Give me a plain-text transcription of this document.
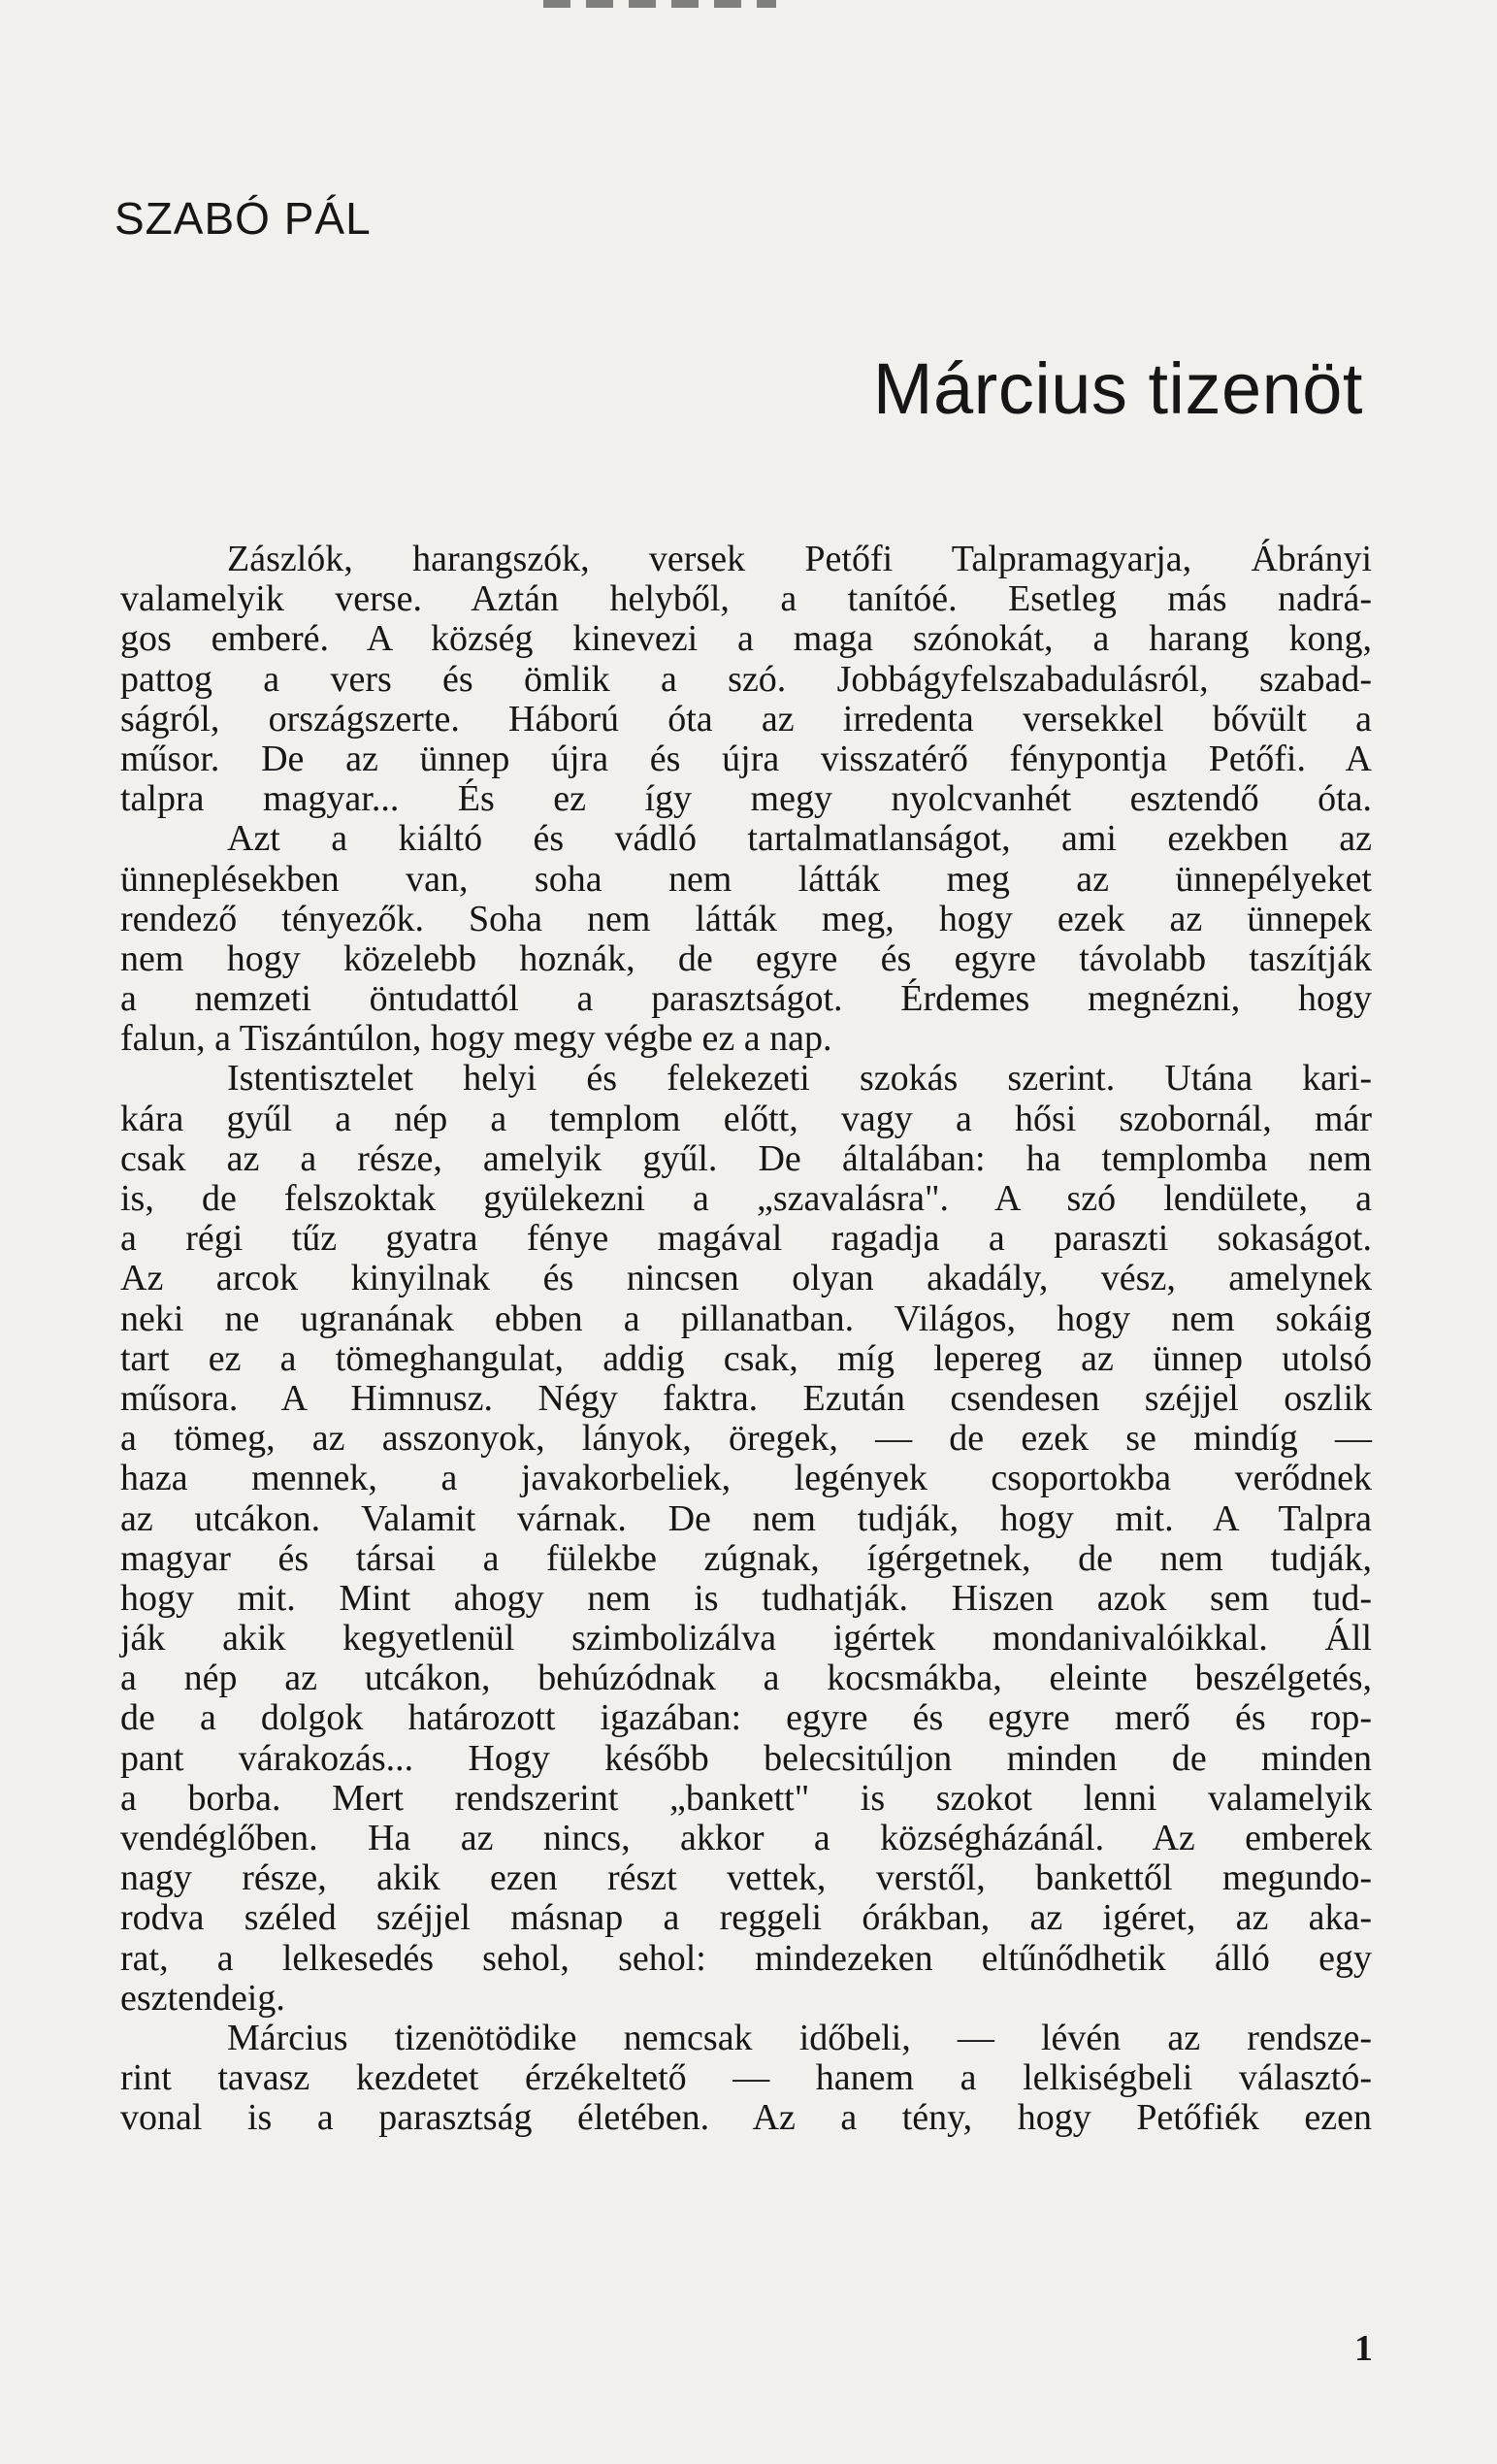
SZABÓ PÁL
Március tizenöt
Zászlók, harangszók, versek Petőfi Talpramagyarja, Ábrányi
valamelyik verse. Aztán helyből, a tanítóé. Esetleg más nadrá-
gos emberé. A község kinevezi a maga szónokát, a harang kong,
pattog a vers és ömlik a szó. Jobbágyfelszabadulásról, szabad-
ságról, országszerte. Háború óta az irredenta versekkel bővült a
műsor. De az ünnep újra és újra visszatérő fénypontja Petőfi. A
talpra magyar... És ez így megy nyolcvanhét esztendő óta.
Azt a kiáltó és vádló tartalmatlanságot, ami ezekben az
ünneplésekben van, soha nem látták meg az ünnepélyeket
rendező tényezők. Soha nem látták meg, hogy ezek az ünnepek
nem hogy közelebb hoznák, de egyre és egyre távolabb taszítják
a nemzeti öntudattól a parasztságot. Érdemes megnézni, hogy
falun, a Tiszántúlon, hogy megy végbe ez a nap.
Istentisztelet helyi és felekezeti szokás szerint. Utána kari-
kára gyűl a nép a templom előtt, vagy a hősi szobornál, már
csak az a része, amelyik gyűl. De általában: ha templomba nem
is, de felszoktak gyülekezni a „szavalásra". A szó lendülete, a
a régi tűz gyatra fénye magával ragadja a paraszti sokaságot.
Az arcok kinyilnak és nincsen olyan akadály, vész, amelynek
neki ne ugranának ebben a pillanatban. Világos, hogy nem sokáig
tart ez a tömeghangulat, addig csak, míg lepereg az ünnep utolsó
műsora. A Himnusz. Négy faktra. Ezután csendesen széjjel oszlik
a tömeg, az asszonyok, lányok, öregek, — de ezek se mindíg —
haza mennek, a javakorbeliek, legények csoportokba verődnek
az utcákon. Valamit várnak. De nem tudják, hogy mit. A Talpra
magyar és társai a fülekbe zúgnak, ígérgetnek, de nem tudják,
hogy mit. Mint ahogy nem is tudhatják. Hiszen azok sem tud-
ják akik kegyetlenül szimbolizálva igértek mondanivalóikkal. Áll
a nép az utcákon, behúzódnak a kocsmákba, eleinte beszélgetés,
de a dolgok határozott igazában: egyre és egyre merő és rop-
pant várakozás... Hogy később belecsitúljon minden de minden
a borba. Mert rendszerint „bankett" is szokot lenni valamelyik
vendéglőben. Ha az nincs, akkor a községházánál. Az emberek
nagy része, akik ezen részt vettek, verstől, bankettől megundo-
rodva széled széjjel másnap a reggeli órákban, az igéret, az aka-
rat, a lelkesedés sehol, sehol: mindezeken eltűnődhetik álló egy
esztendeig.
Március tizenötödike nemcsak időbeli, — lévén az rendsze-
rint tavasz kezdetet érzékeltető — hanem a lelkiségbeli választó-
vonal is a parasztság életében. Az a tény, hogy Petőfiék ezen

1
